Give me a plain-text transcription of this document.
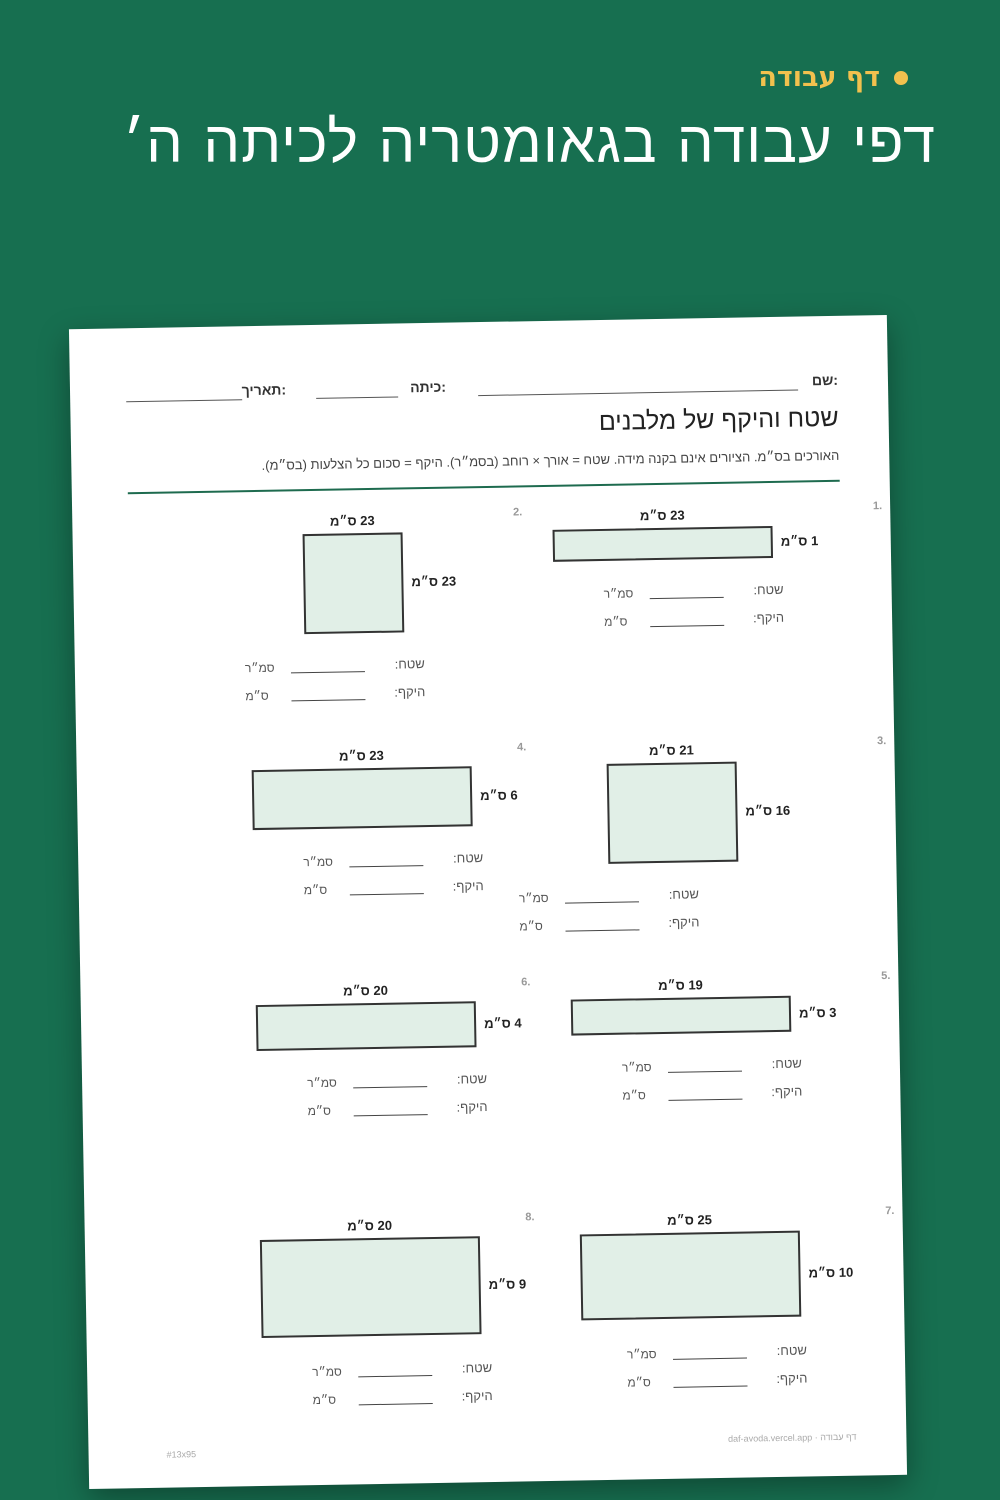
דף עבודה
דפי עבודה בגאומטריה לכיתה ה׳
שם:
כיתה:
תאריך:
שטח והיקף של מלבנים
האורכים בס״מ. הציורים אינם בקנה מידה. שטח = אורך × רוחב (בסמ״ר). היקף = סכום כל הצלעות (בס״מ).
1.
23 ס״מ
1 ס״מ
שטח:
סמ״ר
היקף:
ס״מ
2.
23 ס״מ
23 ס״מ
שטח:
סמ״ר
היקף:
ס״מ
3.
21 ס״מ
16 ס״מ
שטח:
סמ״ר
היקף:
ס״מ
4.
23 ס״מ
6 ס״מ
שטח:
סמ״ר
היקף:
ס״מ
5.
19 ס״מ
3 ס״מ
שטח:
סמ״ר
היקף:
ס״מ
6.
20 ס״מ
4 ס״מ
שטח:
סמ״ר
היקף:
ס״מ
7.
25 ס״מ
10 ס״מ
שטח:
סמ״ר
היקף:
ס״מ
8.
20 ס״מ
9 ס״מ
שטח:
סמ״ר
היקף:
ס״מ
#13x95
דף עבודה · daf-avoda.vercel.app
